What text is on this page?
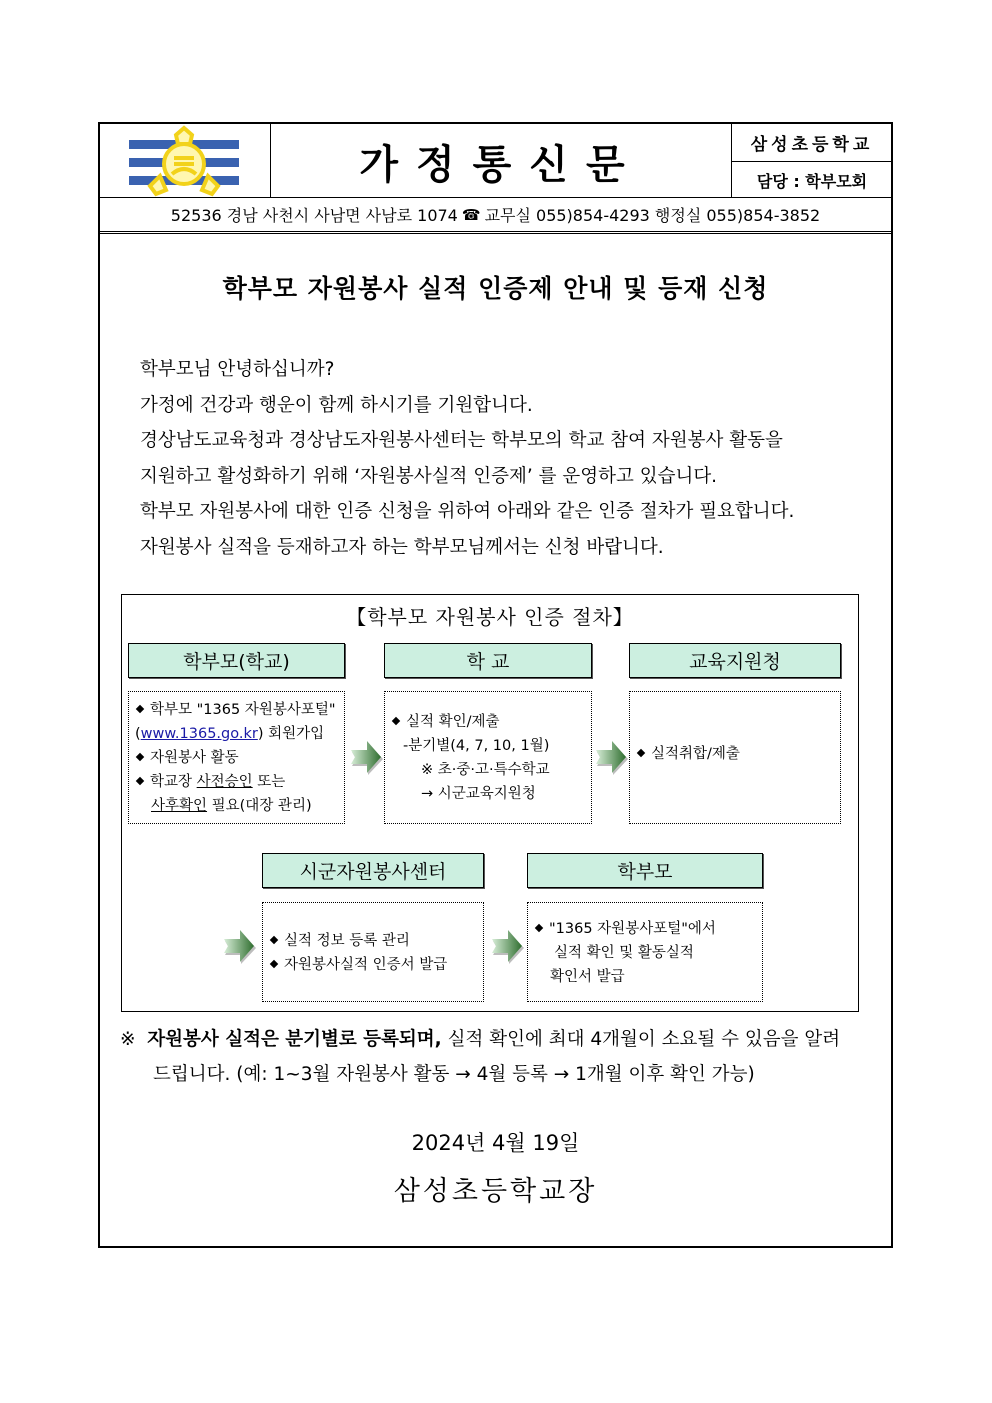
가정통신문	삼성초등학교
담당 : 학부모회
52536 경남 사천시 사남면 사남로 1074 ☎ 교무실 055)854-4293 행정실 055)854-3852
학부모 자원봉사 실적 인증제 안내 및 등재 신청

학부모님 안녕하십니까?

가정에 건강과 행운이 함께 하시기를 기원합니다.

경상남도교육청과 경상남도자원봉사센터는 학부모의 학교 참여 자원봉사 활동을

지원하고 활성화하기 위해 ‘자원봉사실적 인증제’ 를 운영하고 있습니다.

학부모 자원봉사에 대한 인증 신청을 위하여 아래와 같은 인증 절차가 필요합니다.

자원봉사 실적을 등재하고자 하는 학부모님께서는 신청 바랍니다.

【학부모 자원봉사 인증 절차】
학부모(학교)
학부모 "1365 자원봉사포털"
(www.1365.go.kr) 회원가입
자원봉사 활동
학교장 사전승인 또는
사후확인 필요(대장 관리)
학 교
실적 확인/제출
-분기별(4, 7, 10, 1월)
※ 초·중·고·특수학교
→ 시군교육지원청
교육지원청
실적취합/제출
시군자원봉사센터
실적 정보 등록 관리
자원봉사실적 인증서 발급
학부모
"1365 자원봉사포털"에서
실적 확인 및 활동실적
확인서 발급

※ 자원봉사 실적은 분기별로 등록되며, 실적 확인에 최대 4개월이 소요될 수 있음을 알려

드립니다. (예: 1~3월 자원봉사 활동 → 4월 등록 → 1개월 이후 확인 가능)

2024년 4월 19일
삼성초등학교장
